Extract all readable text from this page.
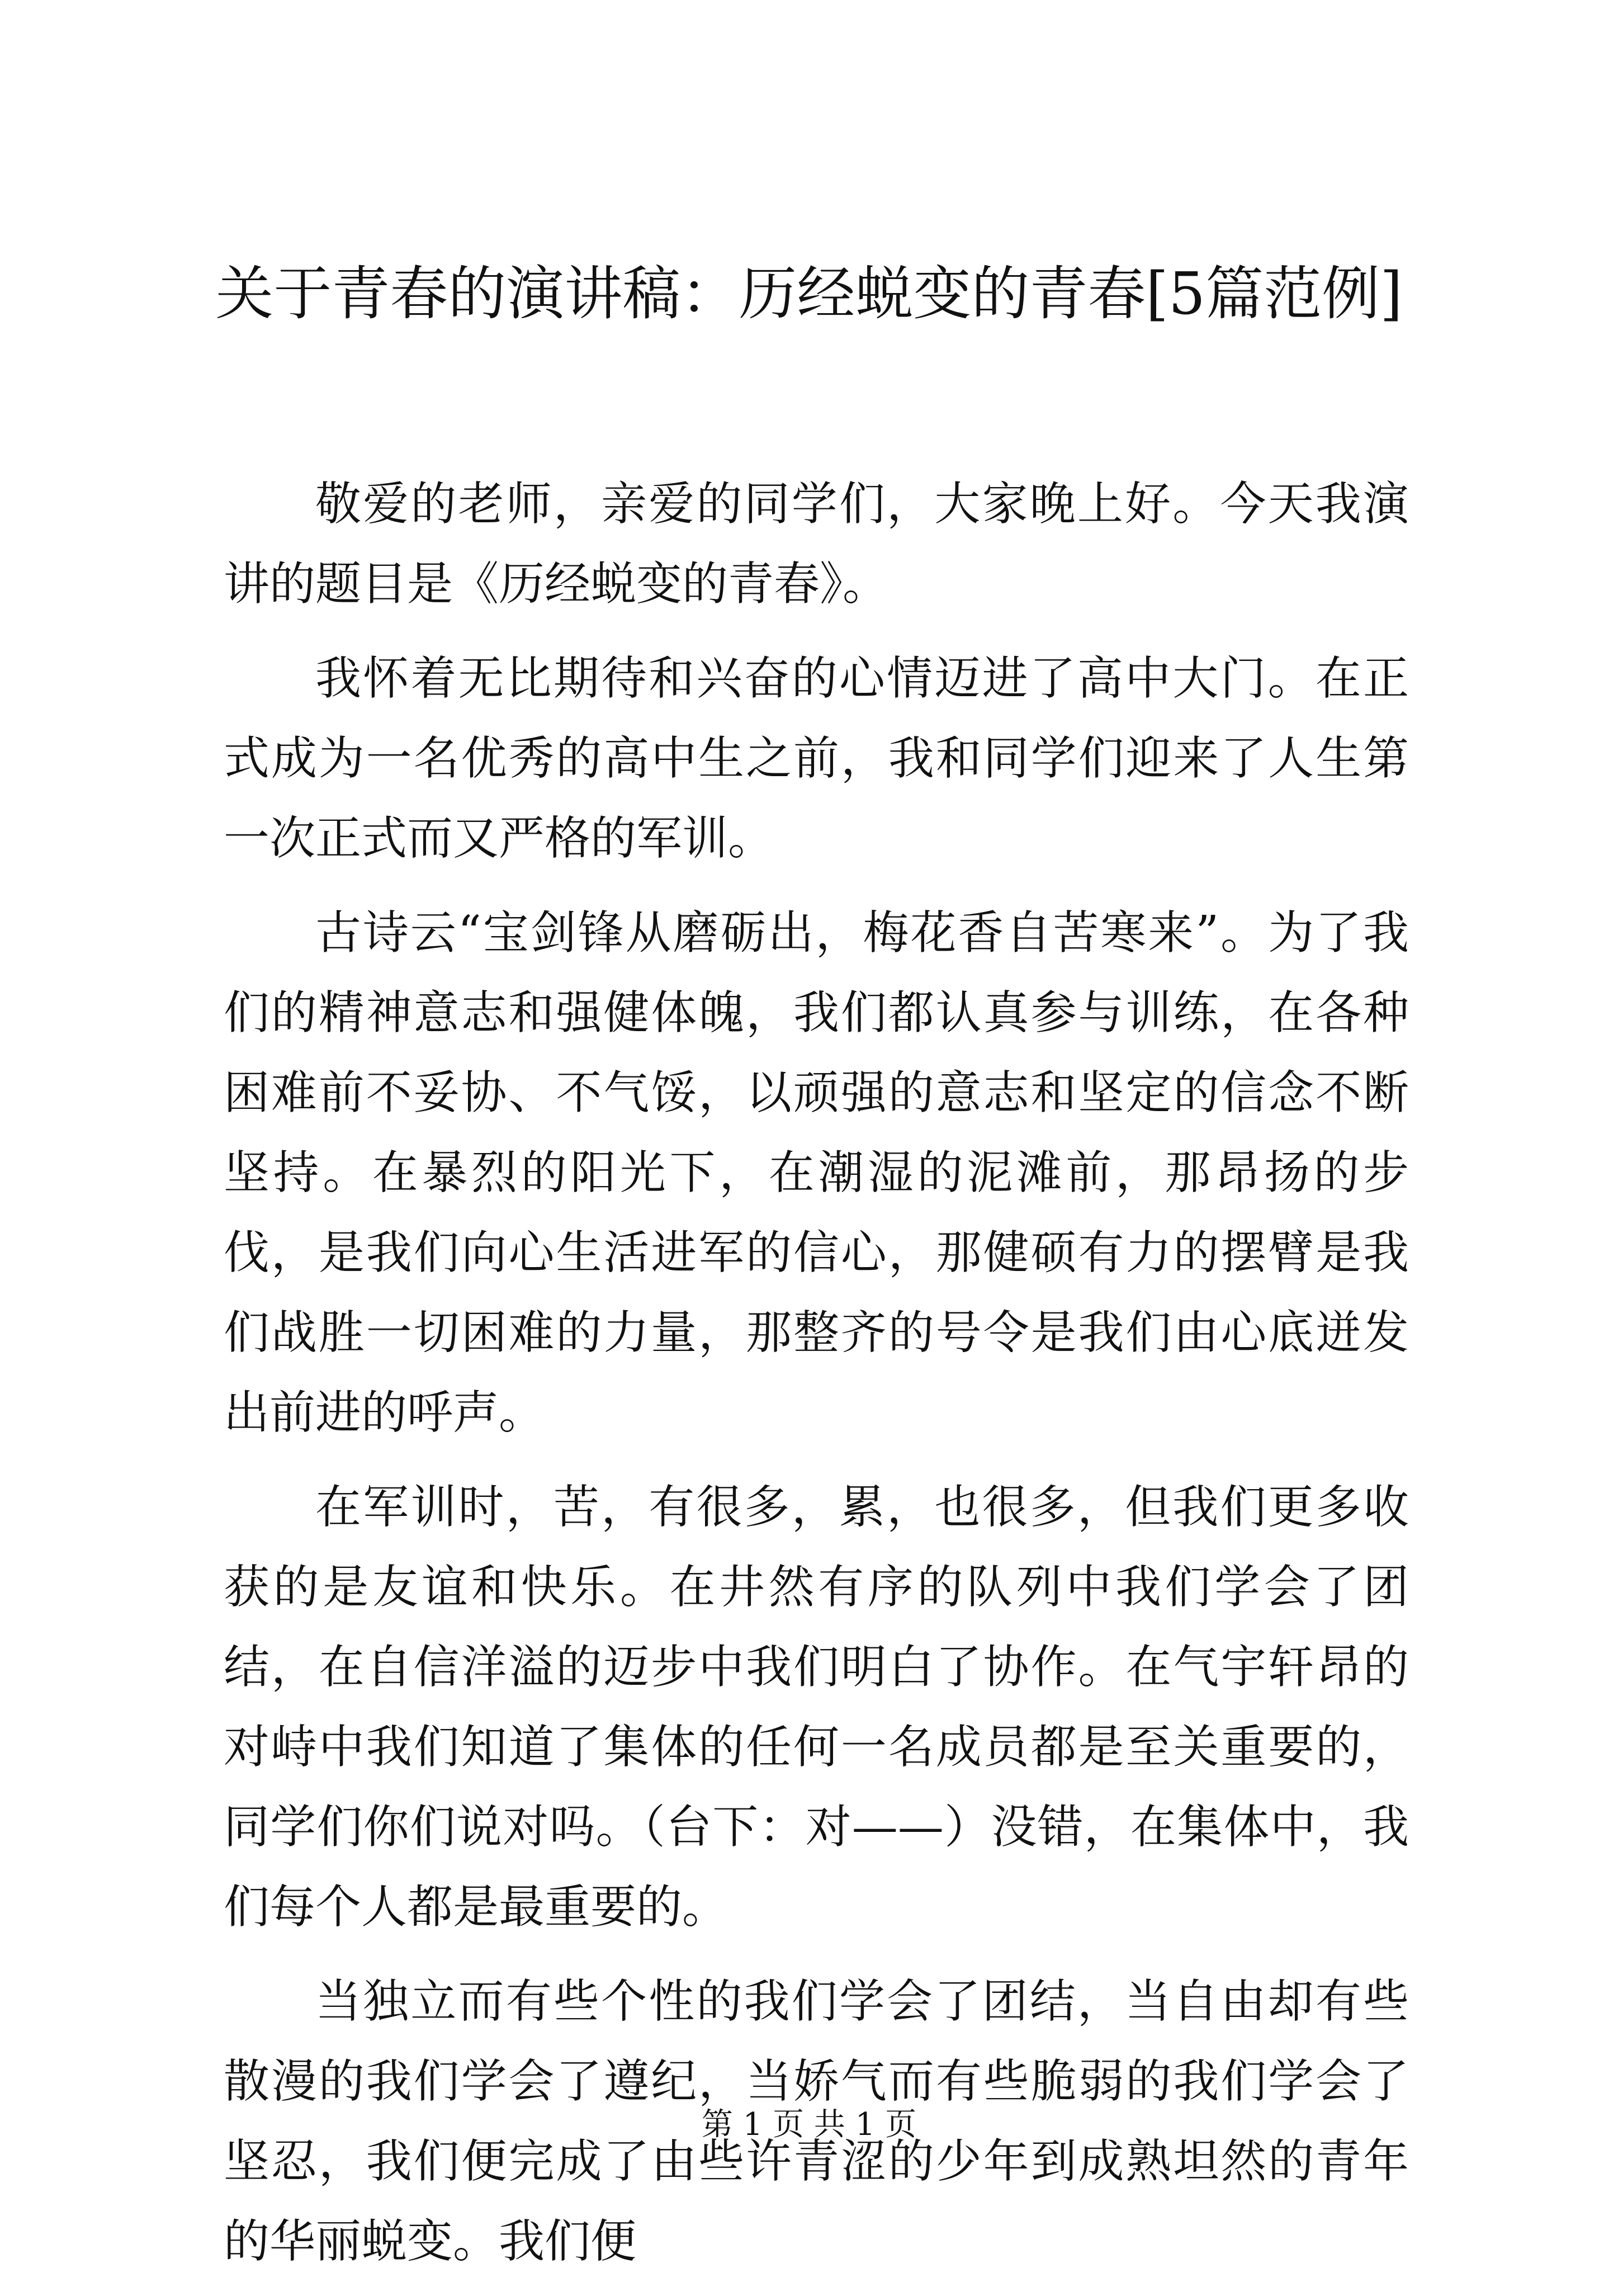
关于青春的演讲稿：历经蜕变的青春[5篇范例]

敬爱的老师，亲爱的同学们，大家晚上好。今天我演讲的题目是《历经蜕变的青春》。

我怀着无比期待和兴奋的心情迈进了高中大门。在正式成为一名优秀的高中生之前，我和同学们迎来了人生第一次正式而又严格的军训。

古诗云“宝剑锋从磨砺出，梅花香自苦寒来”。为了我们的精神意志和强健体魄，我们都认真参与训练，在各种困难前不妥协、不气馁，以顽强的意志和坚定的信念不断坚持。在暴烈的阳光下，在潮湿的泥滩前，那昂扬的步伐，是我们向心生活进军的信心，那健硕有力的摆臂是我们战胜一切困难的力量，那整齐的号令是我们由心底迸发出前进的呼声。

在军训时，苦，有很多，累，也很多，但我们更多收获的是友谊和快乐。在井然有序的队列中我们学会了团结，在自信洋溢的迈步中我们明白了协作。在气宇轩昂的对峙中我们知道了集体的任何一名成员都是至关重要的，同学们你们说对吗。（台下：对——）没错，在集体中，我们每个人都是最重要的。

当独立而有些个性的我们学会了团结，当自由却有些散漫的我们学会了遵纪，当娇气而有些脆弱的我们学会了坚忍，我们便完成了由些许青涩的少年到成熟坦然的青年的华丽蜕变。我们便

第 1 页 共 1 页
